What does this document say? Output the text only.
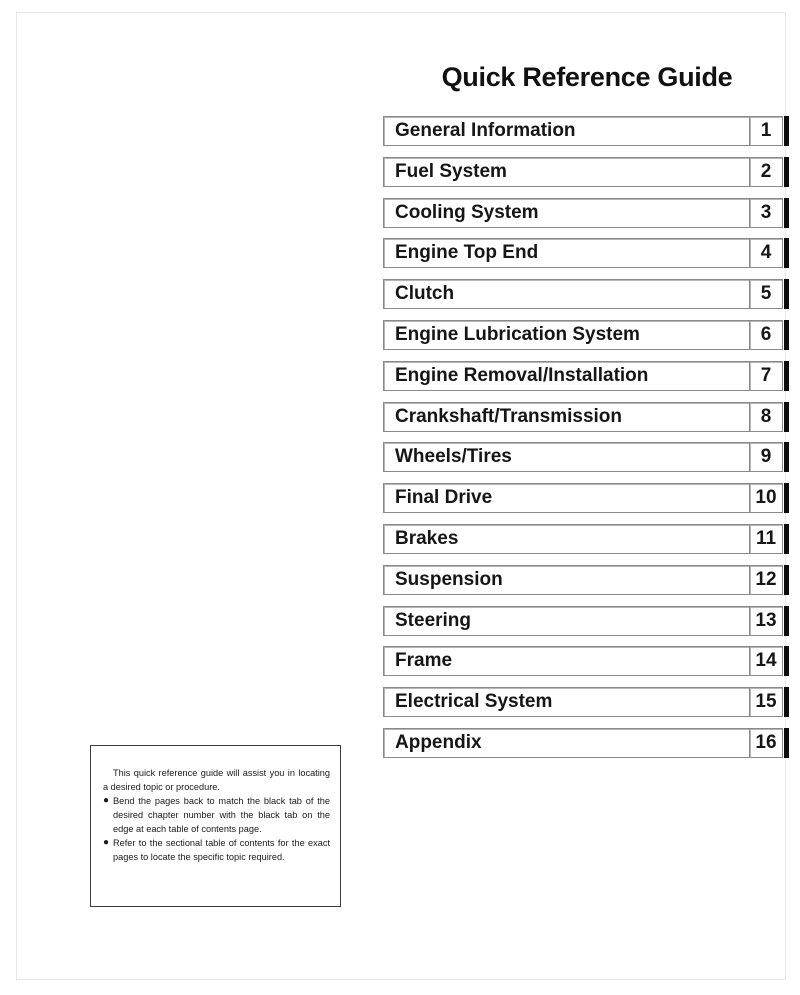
Quick Reference Guide
General Information	1
Fuel System	2
Cooling System	3
Engine Top End	4
Clutch	5
Engine Lubrication System	6
Engine Removal/Installation	7
Crankshaft/Transmission	8
Wheels/Tires	9
Final Drive	10
Brakes	11
Suspension	12
Steering	13
Frame	14
Electrical System	15
Appendix	16

This quick reference guide will assist you in locating a desired topic or procedure.

● Bend the pages back to match the black tab of the desired chapter number with the black tab on the edge at each table of contents page.

● Refer to the sectional table of contents for the exact pages to locate the specific topic required.
